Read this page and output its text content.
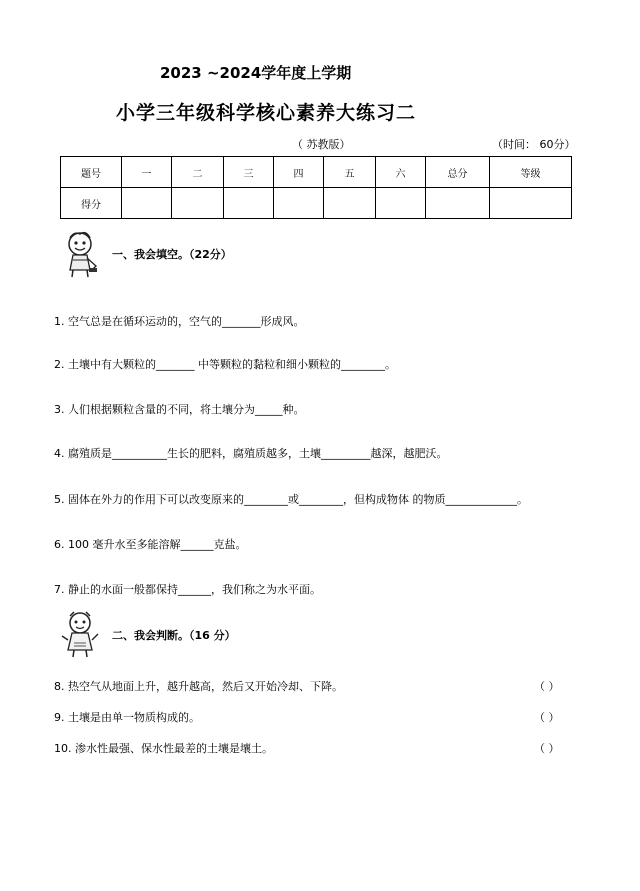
2023 ~2024学年度上学期
小学三年级科学核心素养大练习二
（ 苏教版）	（时间： 60分）
题号	一	二	三	四	五	六	总分	等级
得分								
一、我会填空。（22分）
1. 空气总是在循环运动的，空气的_______形成风。
2. 土壤中有大颗粒的_______ 中等颗粒的黏粒和细小颗粒的________。
3. 人们根据颗粒含量的不同，将土壤分为_____种。
4. 腐殖质是__________生长的肥料，腐殖质越多，土壤_________越深，越肥沃。
5. 固体在外力的作用下可以改变原来的________或________，但构成物体 的物质_____________。
6. 100 毫升水至多能溶解______克盐。
7. 静止的水面一般都保持______，我们称之为水平面。
二、我会判断。（16 分）
8. 热空气从地面上升，越升越高，然后又开始冷却、下降。	（ ）
9. 土壤是由单一物质构成的。	（ ）
10. 渗水性最强、保水性最差的土壤是壤土。	（ ）
